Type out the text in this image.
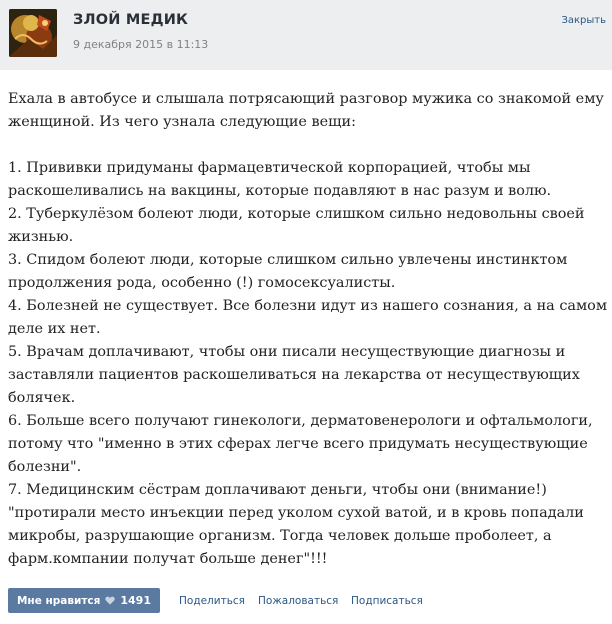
ЗЛОЙ МЕДИК
9 декабря 2015 в 11:13
Закрыть
Ехала в автобусе и слышала потрясающий разговор мужика со знакомой ему
женщиной. Из чего узнала следующие вещи:

1. Прививки придуманы фармацевтической корпорацией, чтобы мы
раскошеливались на вакцины, которые подавляют в нас разум и волю.
2. Туберкулёзом болеют люди, которые слишком сильно недовольны своей
жизнью.
3. Спидом болеют люди, которые слишком сильно увлечены инстинктом
продолжения рода, особенно (!) гомосексуалисты.
4. Болезней не существует. Все болезни идут из нашего сознания, а на самом
деле их нет.
5. Врачам доплачивают, чтобы они писали несуществующие диагнозы и
заставляли пациентов раскошеливаться на лекарства от несуществующих
болячек.
6. Больше всего получают гинекологи, дерматовенерологи и офтальмологи,
потому что "именно в этих сферах легче всего придумать несуществующие
болезни".
7. Медицинским сёстрам доплачивают деньги, чтобы они (внимание!)
"протирали место инъекции перед уколом сухой ватой, и в кровь попадали
микробы, разрушающие организм. Тогда человек дольше проболеет, а
фарм.компании получат больше денег"!!!
Мне нравится 1491	Поделиться Пожаловаться Подписаться
